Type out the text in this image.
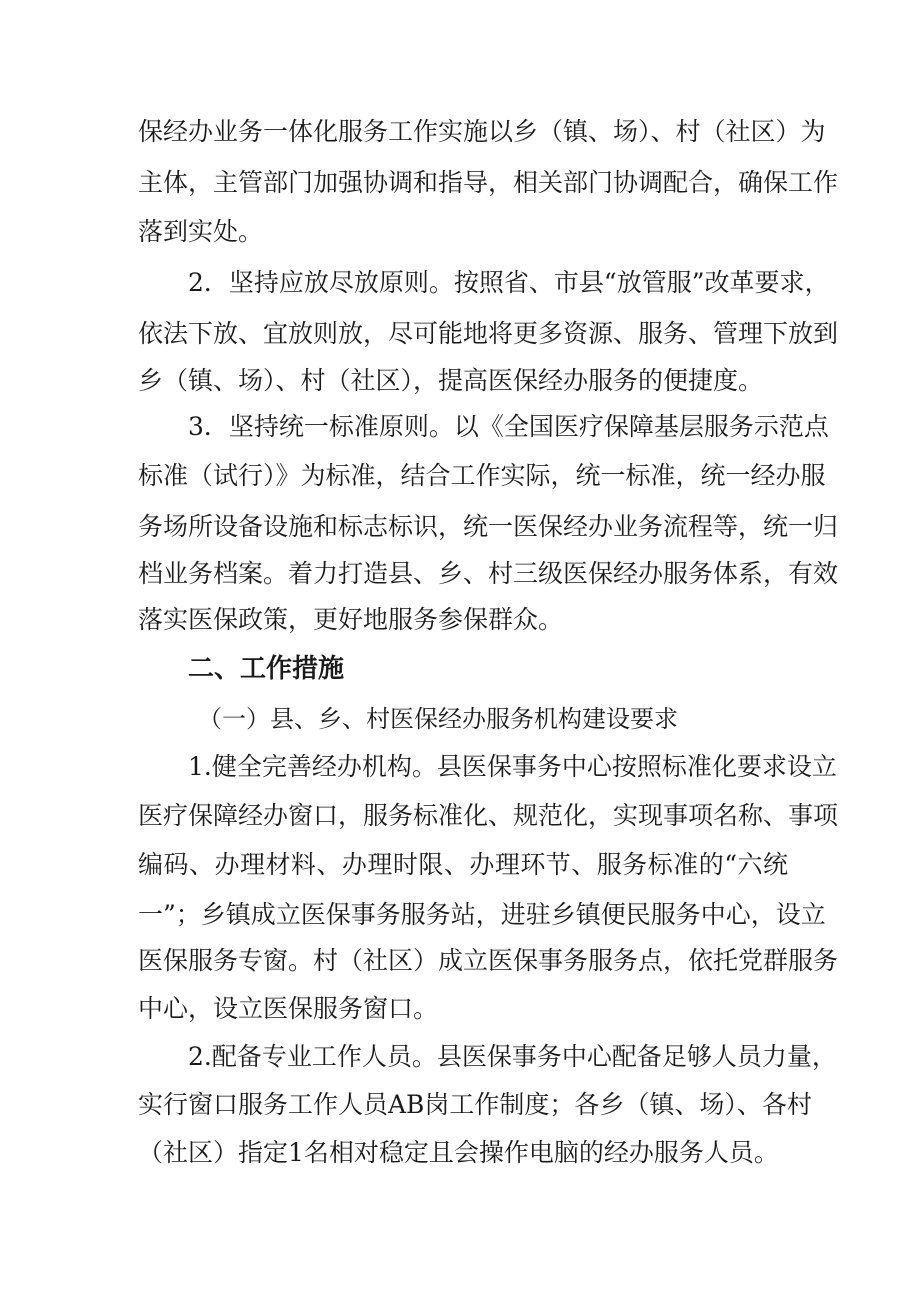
保经办业务一体化服务工作实施以乡（镇、场）、村（社区）为
主体，主管部门加强协调和指导，相关部门协调配合，确保工作
落到实处。
2．坚持应放尽放原则。按照省、市县“放管服”改革要求，
依法下放、宜放则放，尽可能地将更多资源、服务、管理下放到
乡（镇、场）、村（社区），提高医保经办服务的便捷度。
3．坚持统一标准原则。以《全国医疗保障基层服务示范点
标准（试行）》为标准，结合工作实际，统一标准，统一经办服
务场所设备设施和标志标识，统一医保经办业务流程等，统一归
档业务档案。着力打造县、乡、村三级医保经办服务体系，有效
落实医保政策，更好地服务参保群众。
二、工作措施
（一）县、乡、村医保经办服务机构建设要求
1.健全完善经办机构。县医保事务中心按照标准化要求设立
医疗保障经办窗口，服务标准化、规范化，实现事项名称、事项
编码、办理材料、办理时限、办理环节、服务标准的“六统
一”；乡镇成立医保事务服务站，进驻乡镇便民服务中心，设立
医保服务专窗。村（社区）成立医保事务服务点，依托党群服务
中心，设立医保服务窗口。
2.配备专业工作人员。县医保事务中心配备足够人员力量，
实行窗口服务工作人员AB岗工作制度；各乡（镇、场）、各村
（社区）指定1名相对稳定且会操作电脑的经办服务人员。
